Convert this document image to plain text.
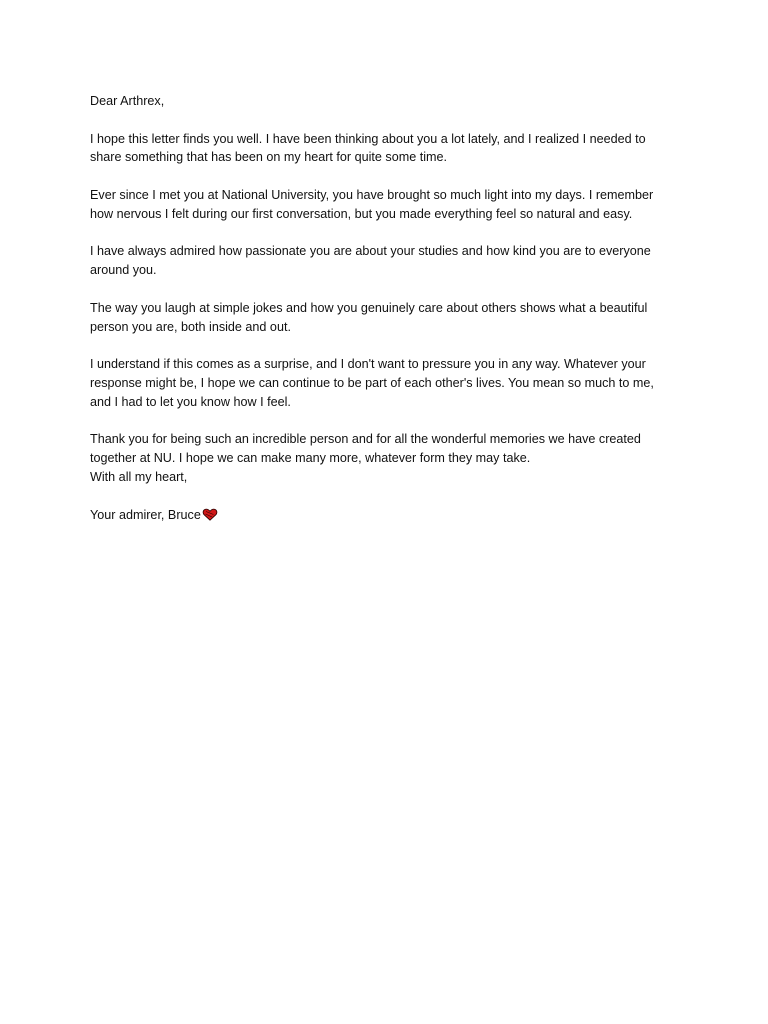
Dear Arthrex,

I hope this letter finds you well. I have been thinking about you a lot lately, and I realized I needed to share something that has been on my heart for quite some time.

Ever since I met you at National University, you have brought so much light into my days. I remember how nervous I felt during our first conversation, but you made everything feel so natural and easy.

I have always admired how passionate you are about your studies and how kind you are to everyone around you.

The way you laugh at simple jokes and how you genuinely care about others shows what a beautiful person you are, both inside and out.

I understand if this comes as a surprise, and I don't want to pressure you in any way. Whatever your response might be, I hope we can continue to be part of each other's lives. You mean so much to me, and I had to let you know how I feel.

Thank you for being such an incredible person and for all the wonderful memories we have created together at NU. I hope we can make many more, whatever form they may take.

With all my heart,

Your admirer, Bruce
